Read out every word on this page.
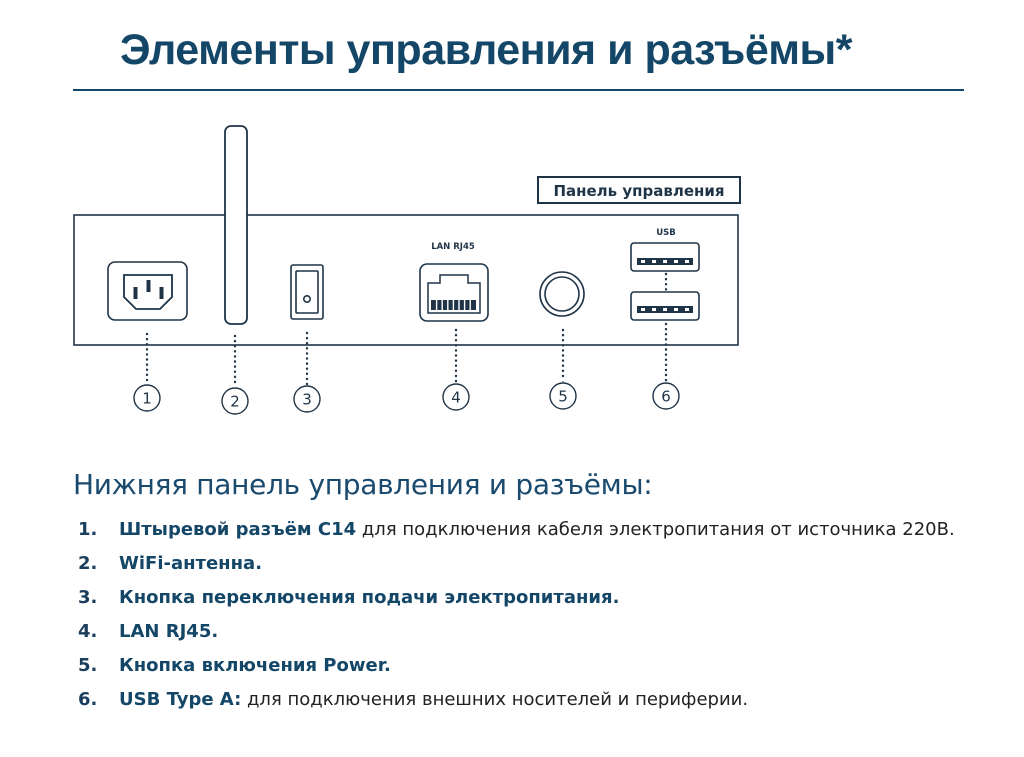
Элементы управления и разъёмы*
Панель управления
LAN RJ45
USB
1	2	3	4	5	6
Нижняя панель управления и разъёмы:
1.	Штыревой разъём C14 для подключения кабеля электропитания от источника 220В.
2.	WiFi-антенна.
3.	Кнопка переключения подачи электропитания.
4.	LAN RJ45.
5.	Кнопка включения Power.
6.	USB Type A: для подключения внешних носителей и периферии.
